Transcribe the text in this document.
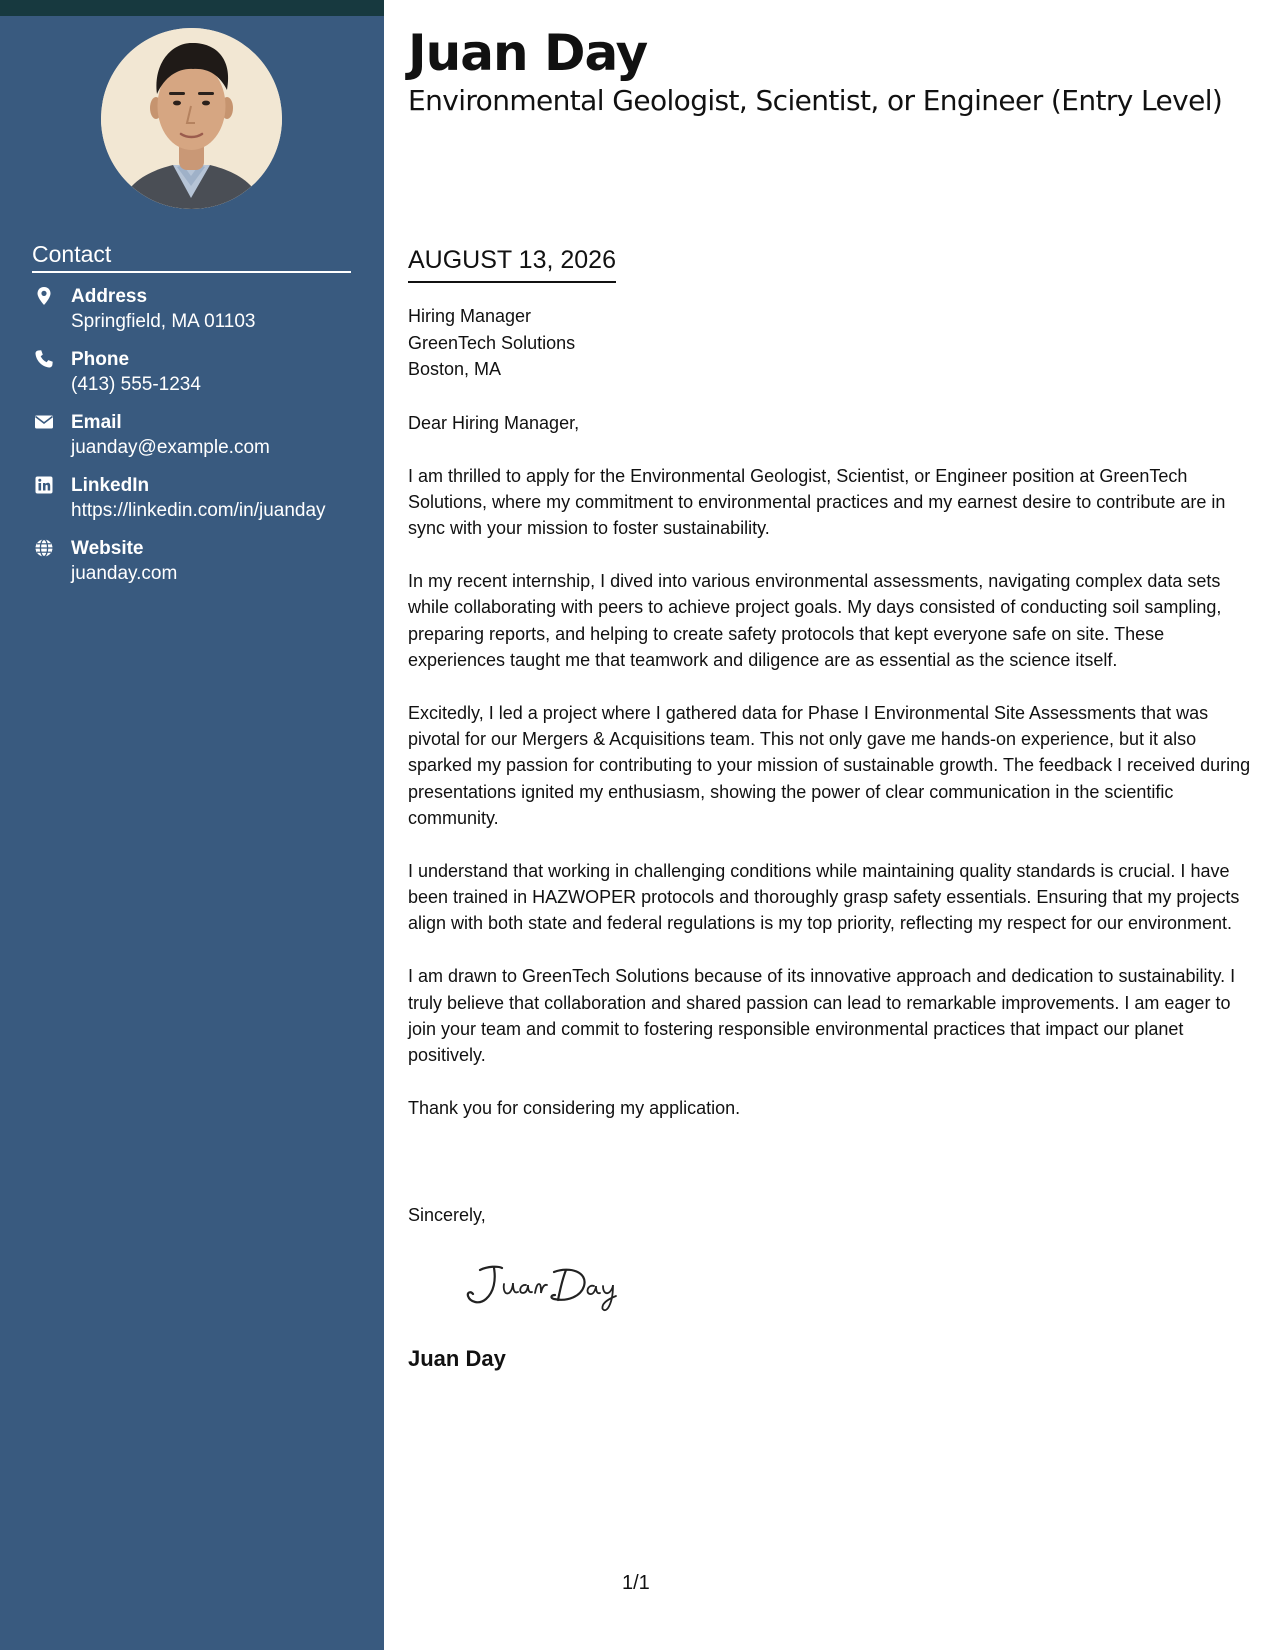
Contact
Address
Springfield, MA 01103
Phone
(413) 555-1234
Email
juanday@example.com
LinkedIn
https://linkedin.com/in/juanday
Website
juanday.com
Juan Day
Environmental Geologist, Scientist, or Engineer (Entry Level)
AUGUST 13, 2026
Hiring Manager
GreenTech Solutions
Boston, MA

Dear Hiring Manager,

I am thrilled to apply for the Environmental Geologist, Scientist, or Engineer position at GreenTech Solutions, where my commitment to environmental practices and my earnest desire to contribute are in sync with your mission to foster sustainability.

In my recent internship, I dived into various environmental assessments, navigating complex data sets while collaborating with peers to achieve project goals. My days consisted of conducting soil sampling, preparing reports, and helping to create safety protocols that kept everyone safe on site. These experiences taught me that teamwork and diligence are as essential as the science itself.

Excitedly, I led a project where I gathered data for Phase I Environmental Site Assessments that was pivotal for our Mergers & Acquisitions team. This not only gave me hands-on experience, but it also sparked my passion for contributing to your mission of sustainable growth. The feedback I received during presentations ignited my enthusiasm, showing the power of clear communication in the scientific community.

I understand that working in challenging conditions while maintaining quality standards is crucial. I have been trained in HAZWOPER protocols and thoroughly grasp safety essentials. Ensuring that my projects align with both state and federal regulations is my top priority, reflecting my respect for our environment.

I am drawn to GreenTech Solutions because of its innovative approach and dedication to sustainability. I truly believe that collaboration and shared passion can lead to remarkable improvements. I am eager to join your team and commit to fostering responsible environmental practices that impact our planet positively.

Thank you for considering my application.

Sincerely,
Juan Day
1/1
